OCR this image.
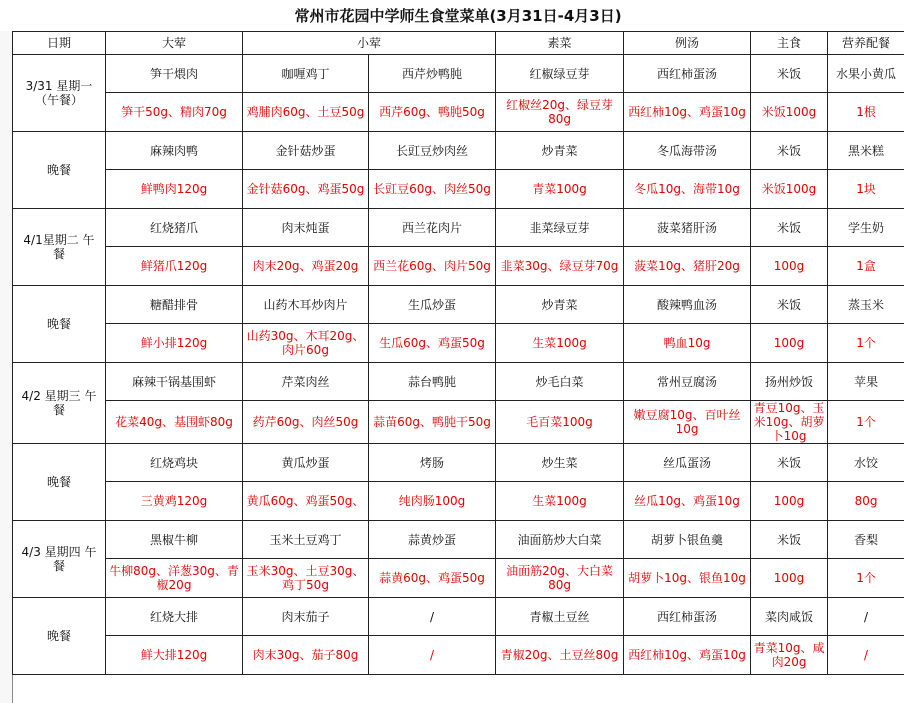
常州市花园中学师生食堂菜单(3月31日-4月3日)
日期	大荤	小荤		素菜	例汤	主食	营养配餐
3/31 星期一
（午餐）	笋干煨肉	咖喱鸡丁	西芹炒鸭肫	红椒绿豆芽	西红柿蛋汤	米饭	水果小黄瓜
	笋干50g、精肉70g	鸡脯肉60g、土豆50g	西芹60g、鸭肫50g	红椒丝20g、绿豆芽80g	西红柿10g、鸡蛋10g	米饭100g	1根
晚餐	麻辣肉鸭	金针菇炒蛋	长豇豆炒肉丝	炒青菜	冬瓜海带汤	米饭	黑米糕
	鲜鸭肉120g	金针菇60g、鸡蛋50g	长豇豆60g、肉丝50g	青菜100g	冬瓜10g、海带10g	米饭100g	1块
4/1星期二 午
餐	红烧猪爪	肉末炖蛋	西兰花肉片	韭菜绿豆芽	菠菜猪肝汤	米饭	学生奶
	鲜猪爪120g	肉末20g、鸡蛋20g	西兰花60g、肉片50g	韭菜30g、绿豆芽70g	菠菜10g、猪肝20g	100g	1盒
晚餐	糖醋排骨	山药木耳炒肉片	生瓜炒蛋	炒青菜	酸辣鸭血汤	米饭	蒸玉米
	鲜小排120g	山药30g、木耳20g、肉片60g	生瓜60g、鸡蛋50g	生菜100g	鸭血10g	100g	1个
4/2 星期三 午
餐	麻辣干锅基围虾	芹菜肉丝	蒜台鸭肫	炒毛白菜	常州豆腐汤	扬州炒饭	苹果
	花菜40g、基围虾80g	药芹60g、肉丝50g	蒜苗60g、鸭肫干50g	毛百菜100g	嫩豆腐10g、百叶丝10g	青豆10g、玉米10g、胡萝卜10g	1个
晚餐	红烧鸡块	黄瓜炒蛋	烤肠	炒生菜	丝瓜蛋汤	米饭	水饺
	三黄鸡120g	黄瓜60g、鸡蛋50g、	纯肉肠100g	生菜100g	丝瓜10g、鸡蛋10g	100g	80g
4/3 星期四 午
餐	黑椒牛柳	玉米土豆鸡丁	蒜黄炒蛋	油面筋炒大白菜	胡萝卜银鱼羹	米饭	香梨
	牛柳80g、洋葱30g、青椒20g	玉米30g、土豆30g、鸡丁50g	蒜黄60g、鸡蛋50g	油面筋20g、大白菜80g	胡萝卜10g、银鱼10g	100g	1个
晚餐	红烧大排	肉末茄子	/	青椒土豆丝	西红柿蛋汤	菜肉咸饭	/
	鲜大排120g	肉末30g、茄子80g	/	青椒20g、土豆丝80g	西红柿10g、鸡蛋10g	青菜10g、咸肉20g	/
